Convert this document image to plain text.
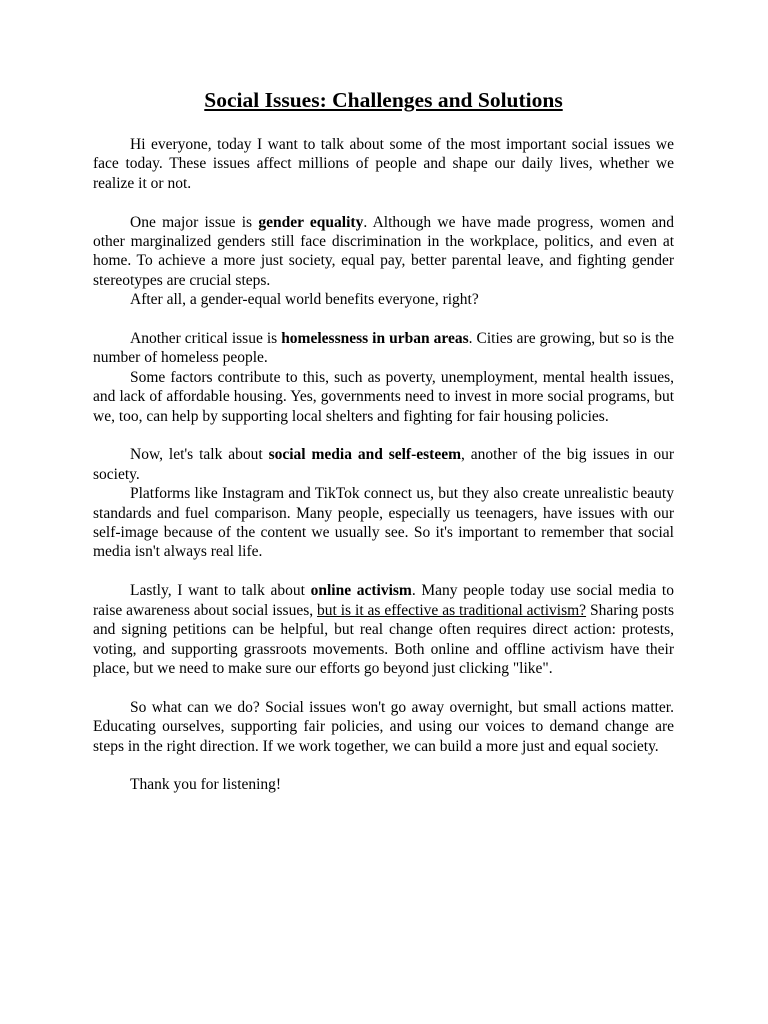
Social Issues: Challenges and Solutions

Hi everyone, today I want to talk about some of the most important social issues we face today. These issues affect millions of people and shape our daily lives, whether we realize it or not.

One major issue is gender equality. Although we have made progress, women and other marginalized genders still face discrimination in the workplace, politics, and even at home. To achieve a more just society, equal pay, better parental leave, and fighting gender stereotypes are crucial steps.

After all, a gender-equal world benefits everyone, right?

Another critical issue is homelessness in urban areas. Cities are growing, but so is the number of homeless people.

Some factors contribute to this, such as poverty, unemployment, mental health issues, and lack of affordable housing. Yes, governments need to invest in more social programs, but we, too, can help by supporting local shelters and fighting for fair housing policies.

Now, let's talk about social media and self-esteem, another of the big issues in our society.

Platforms like Instagram and TikTok connect us, but they also create unrealistic beauty standards and fuel comparison. Many people, especially us teenagers, have issues with our self-image because of the content we usually see. So it's important to remember that social media isn't always real life.

Lastly, I want to talk about online activism. Many people today use social media to raise awareness about social issues, but is it as effective as traditional activism? Sharing posts and signing petitions can be helpful, but real change often requires direct action: protests, voting, and supporting grassroots movements. Both online and offline activism have their place, but we need to make sure our efforts go beyond just clicking "like".

So what can we do? Social issues won't go away overnight, but small actions matter. Educating ourselves, supporting fair policies, and using our voices to demand change are steps in the right direction. If we work together, we can build a more just and equal society.

Thank you for listening!
